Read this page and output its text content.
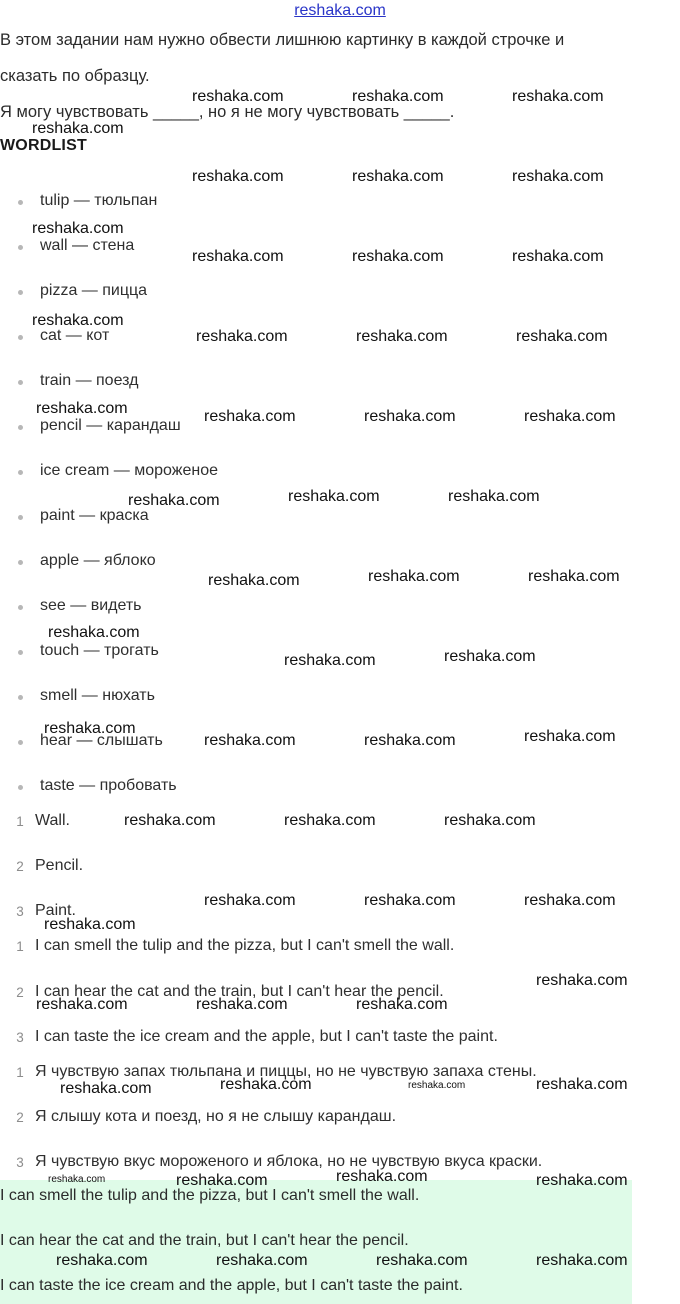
reshaka.com
В этом задании нам нужно обвести лишнюю картинку в каждой строчке и
сказать по образцу.
Я могу чувствовать _____, но я не могу чувствовать _____.
WORDLIST
tulip — тюльпан
wall — стена
pizza — пицца
cat — кот
train — поезд
pencil — карандаш
ice cream — мороженое
paint — краска
apple — яблоко
see — видеть
touch — трогать
smell — нюхать
hear — слышать
taste — пробовать
1 Wall.
2 Pencil.
3 Paint.
1 I can smell the tulip and the pizza, but I can't smell the wall.
2 I can hear the cat and the train, but I can't hear the pencil.
3 I can taste the ice cream and the apple, but I can't taste the paint.
1 Я чувствую запах тюльпана и пиццы, но не чувствую запаха стены.
2 Я слышу кота и поезд, но я не слышу карандаш.
3 Я чувствую вкус мороженого и яблока, но не чувствую вкуса краски.
I can smell the tulip and the pizza, but I can't smell the wall.
I can hear the cat and the train, but I can't hear the pencil.
I can taste the ice cream and the apple, but I can't taste the paint.
reshaka.com	reshaka.com	reshaka.com
reshaka.com
reshaka.com	reshaka.com	reshaka.com
reshaka.com
reshaka.com	reshaka.com	reshaka.com
reshaka.com
reshaka.com	reshaka.com	reshaka.com
reshaka.com	reshaka.com	reshaka.com	reshaka.com
reshaka.com	reshaka.com	reshaka.com
reshaka.com	reshaka.com	reshaka.com
reshaka.com
reshaka.com	reshaka.com
reshaka.com
reshaka.com	reshaka.com	reshaka.com
reshaka.com	reshaka.com	reshaka.com
reshaka.com	reshaka.com	reshaka.com
reshaka.com
reshaka.com
reshaka.com	reshaka.com	reshaka.com
reshaka.com	reshaka.com	reshaka.com
reshaka.com	reshaka.com	reshaka.com
reshaka.com	reshaka.com	reshaka.com	reshaka.com
reshaka.com
reshaka.com
